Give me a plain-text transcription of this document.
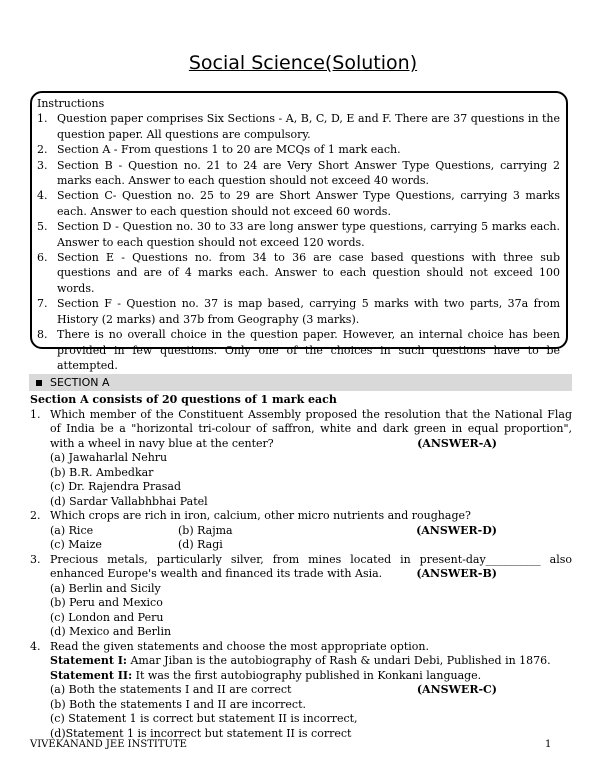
Social Science(Solution)
Instructions
1. Question paper comprises Six Sections - A, B, C, D, E and F. There are 37 questions in the question paper. All questions are compulsory.
2. Section A - From questions 1 to 20 are MCQs of 1 mark each.
3. Section B - Question no. 21 to 24 are Very Short Answer Type Questions, carrying 2 marks each. Answer to each question should not exceed 40 words.
4. Section C- Question no. 25 to 29 are Short Answer Type Questions, carrying 3 marks each. Answer to each question should not exceed 60 words.
5. Section D - Question no. 30 to 33 are long answer type questions, carrying 5 marks each. Answer to each question should not exceed 120 words.
6. Section E - Questions no. from 34 to 36 are case based questions with three sub questions and are of 4 marks each. Answer to each question should not exceed 100 words.
7. Section F - Question no. 37 is map based, carrying 5 marks with two parts, 37a from History (2 marks) and 37b from Geography (3 marks).
8. There is no overall choice in the question paper. However, an internal choice has been provided in few questions. Only one of the choices in such questions have to be attempted.
SECTION A
Section A consists of 20 questions of 1 mark each
1. Which member of the Constituent Assembly proposed the resolution that the National Flag of India be a "horizontal tri-colour of saffron, white and dark green in equal proportion", with a wheel in navy blue at the center?	(ANSWER-A)
(a) Jawaharlal Nehru
(b) B.R. Ambedkar
(c) Dr. Rajendra Prasad
(d) Sardar Vallabhbhai Patel
2. Which crops are rich in iron, calcium, other micro nutrients and roughage?
(a) Rice	(b) Rajma	(ANSWER-D)
(c) Maize	(d) Ragi
3. Precious metals, particularly silver, from mines located in present-day__________ also enhanced Europe's wealth and financed its trade with Asia.	(ANSWER-B)
(a) Berlin and Sicily
(b) Peru and Mexico
(c) London and Peru
(d) Mexico and Berlin
4. Read the given statements and choose the most appropriate option.
Statement I: Amar Jiban is the autobiography of Rash & undari Debi, Published in 1876.
Statement II: It was the first autobiography published in Konkani language.
(a) Both the statements I and II are correct	(ANSWER-C)
(b) Both the statements I and II are incorrect.
(c) Statement 1 is correct but statement II is incorrect,
(d)Statement 1 is incorrect but statement II is correct
VIVEKANAND JEE INSTITUTE	1
